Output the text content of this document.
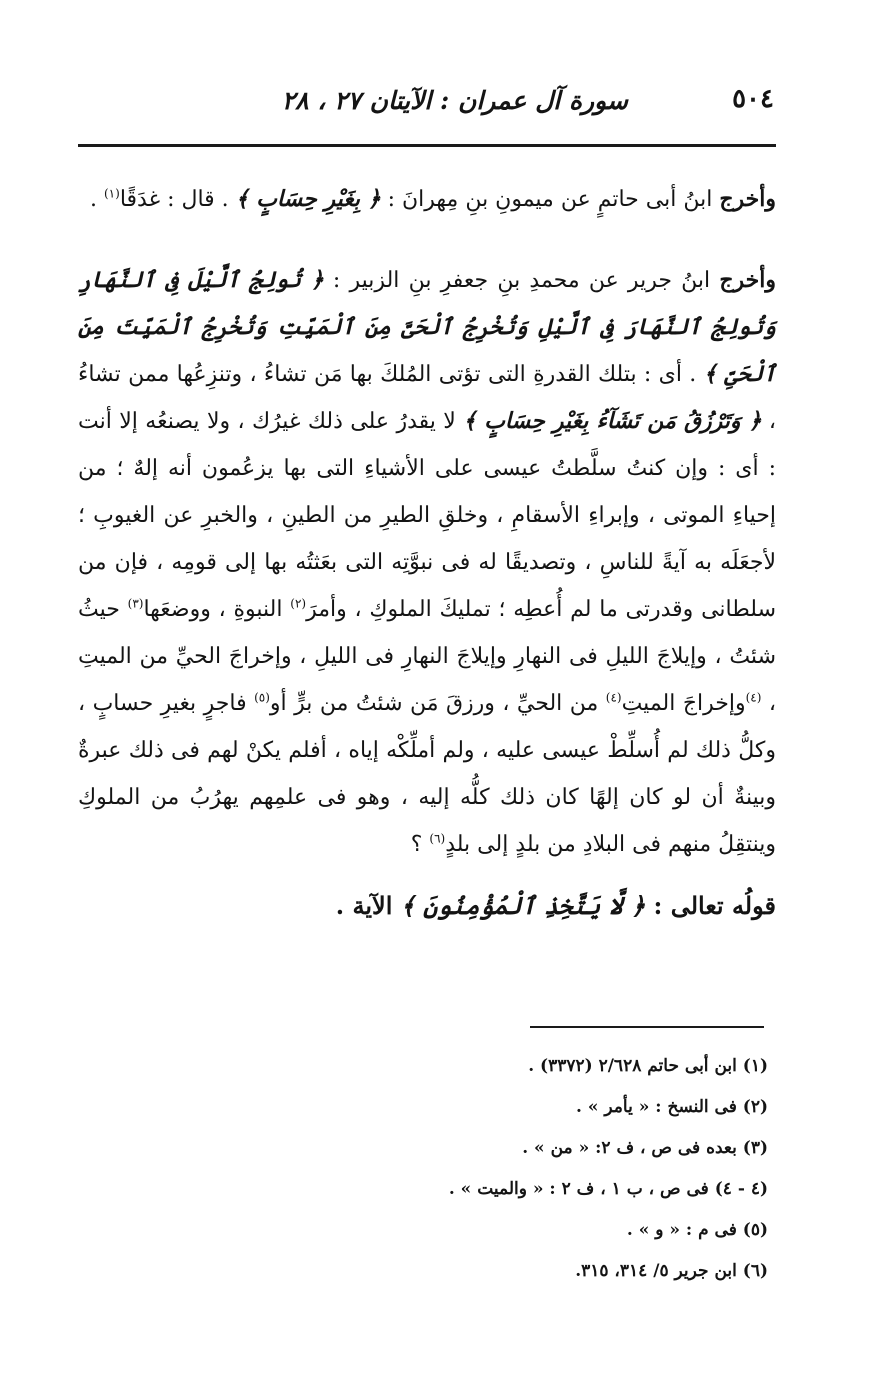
٥٠٤
سورة آل عمران : الآيتان ٢٧ ، ٢٨

وأخرج ابنُ أبى حاتمٍ عن ميمونِ بنِ مِهرانَ : ﴿ بِغَيْرِ حِسَابٍ ﴾ . قال : غدَقًا$^{(١)}$ .

وأخرج ابنُ جرير عن محمدِ بنِ جعفرِ بنِ الزبير : ﴿ تُولِجُ ٱلَّيْلَ فِى ٱلنَّهَارِ وَتُولِجُ ٱلنَّهَارَ فِى ٱلَّيْلِ وَتُخْرِجُ ٱلْحَىَّ مِنَ ٱلْمَيِّتِ وَتُخْرِجُ ٱلْمَيِّتَ مِنَ ٱلْحَىِّ ﴾ . أى : بتلك القدرةِ التى تؤتى المُلكَ بها مَن تشاءُ ، وتنزِعُها ممن تشاءُ ، ﴿ وَتَرْزُقُ مَن تَشَآءُ بِغَيْرِ حِسَابٍ ﴾ لا يقدرُ على ذلك غيرُك ، ولا يصنعُه إلا أنت : أى : وإن كنتُ سلَّطتُ عيسى على الأشياءِ التى بها يزعُمون أنه إلهٌ ؛ من إحياءِ الموتى ، وإبراءِ الأسقامِ ، وخلقِ الطيرِ من الطينِ ، والخبرِ عن الغيوبِ ؛ لأجعَلَه به آيةً للناسِ ، وتصديقًا له فى نبوَّتِه التى بعَثتُه بها إلى قومِه ، فإن من سلطانى وقدرتى ما لم أُعطِه ؛ تمليكَ الملوكِ ، وأمرَ$^{(٢)}$ النبوةِ ، ووضعَها$^{(٣)}$ حيثُ شئتُ ، وإيلاجَ الليلِ فى النهارِ وإيلاجَ النهارِ فى الليلِ ، وإخراجَ الحيِّ من الميتِ ، $^{(٤)}$وإخراجَ الميتِ$^{(٤)}$ من الحيِّ ، ورزقَ مَن شئتُ من برٍّ أو$^{(٥)}$ فاجرٍ بغيرِ حسابٍ ، وكلُّ ذلك لم أُسلِّطْ عيسى عليه ، ولم أملِّكْه إياه ، أفلم يكنْ لهم فى ذلك عبرةٌ وبينةٌ أن لو كان إلهًا كان ذلك كلُّه إليه ، وهو فى علمِهم يهرُبُ من الملوكِ وينتقِلُ منهم فى البلادِ من بلدٍ إلى بلدٍ$^{(٦)}$ ؟

قولُه تعالى : ﴿ لَّا يَتَّخِذِ ٱلْمُؤْمِنُونَ ﴾ الآية .

(١) ابن أبى حاتم ٢/٦٢٨ (٣٣٧٢) .

(٢) فى النسخ : « يأمر » .

(٣) بعده فى ص ، ف ٢: « من » .

(٤ - ٤) فى ص ، ب ١ ، ف ٢ : « والميت » .

(٥) فى م : « و » .

(٦) ابن جرير ٥/ ٣١٤، ٣١٥.
